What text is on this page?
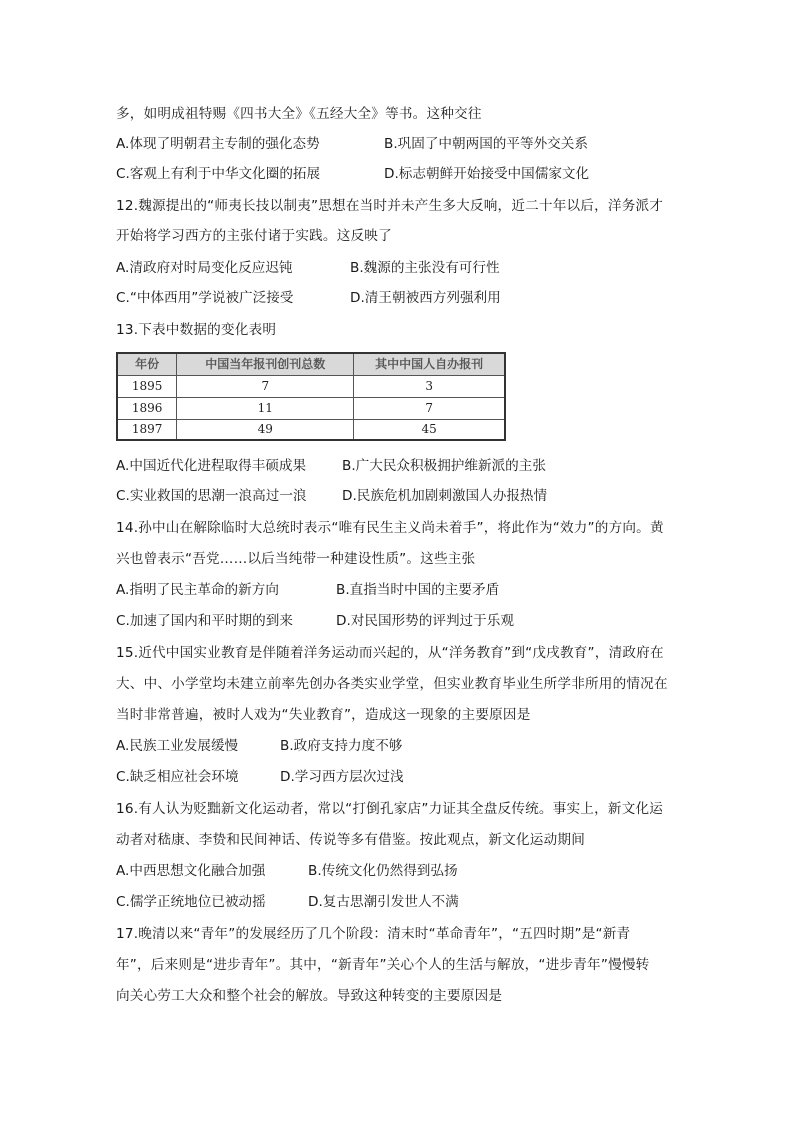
多，如明成祖特赐《四书大全》《五经大全》等书。这种交往
A.体现了明朝君主专制的强化态势	B.巩固了中朝两国的平等外交关系
C.客观上有利于中华文化圈的拓展	D.标志朝鲜开始接受中国儒家文化
12.魏源提出的“师夷长技以制夷”思想在当时并未产生多大反响，近二十年以后，洋务派才
开始将学习西方的主张付诸于实践。这反映了
A.清政府对时局变化反应迟钝	B.魏源的主张没有可行性
C.“中体西用”学说被广泛接受	D.清王朝被西方列强利用
13.下表中数据的变化表明
年份	中国当年报刊创刊总数	其中中国人自办报刊
1895	7	3
1896	11	7
1897	49	45
A.中国近代化进程取得丰硕成果	B.广大民众积极拥护维新派的主张
C.实业救国的思潮一浪高过一浪	D.民族危机加剧刺激国人办报热情
14.孙中山在解除临时大总统时表示“唯有民生主义尚未着手”，将此作为“效力”的方向。黄
兴也曾表示“吾党……以后当纯带一种建设性质”。这些主张
A.指明了民主革命的新方向	B.直指当时中国的主要矛盾
C.加速了国内和平时期的到来	D.对民国形势的评判过于乐观
15.近代中国实业教育是伴随着洋务运动而兴起的，从“洋务教育”到“戊戌教育”，清政府在
大、中、小学堂均未建立前率先创办各类实业学堂，但实业教育毕业生所学非所用的情况在
当时非常普遍，被时人戏为“失业教育”，造成这一现象的主要原因是
A.民族工业发展缓慢	B.政府支持力度不够
C.缺乏相应社会环境	D.学习西方层次过浅
16.有人认为贬黜新文化运动者，常以“打倒孔家店”力证其全盘反传统。事实上，新文化运
动者对嵇康、李贽和民间神话、传说等多有借鉴。按此观点，新文化运动期间
A.中西思想文化融合加强	B.传统文化仍然得到弘扬
C.儒学正统地位已被动摇	D.复古思潮引发世人不满
17.晚清以来“青年”的发展经历了几个阶段：清末时“革命青年”，“五四时期”是“新青
年”，后来则是“进步青年”。其中，“新青年”关心个人的生活与解放，“进步青年”慢慢转
向关心劳工大众和整个社会的解放。导致这种转变的主要原因是
